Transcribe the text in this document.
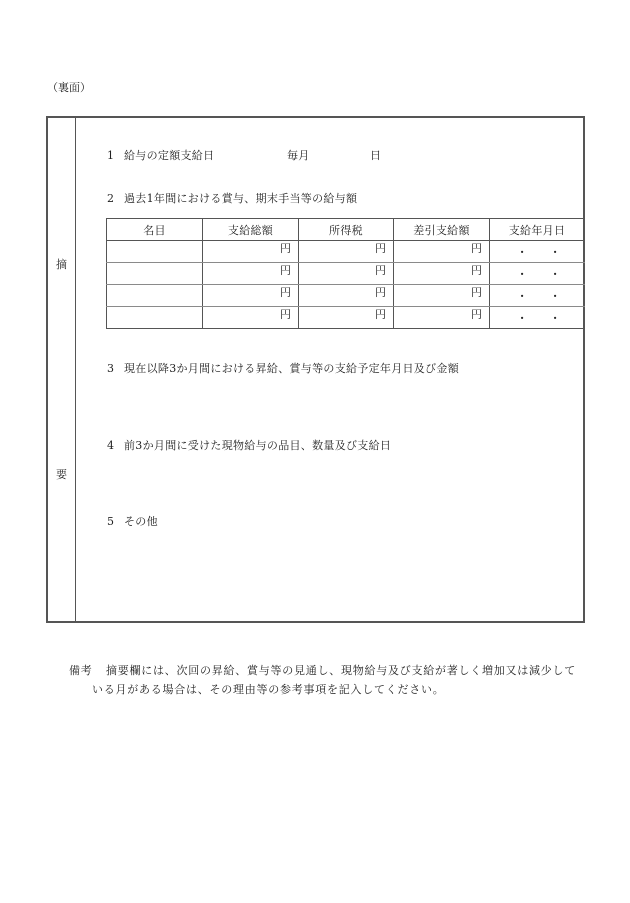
（裏面）
摘
要
1 給与の定額支給日	毎月	日
2 過去1年間における賞与、期末手当等の給与額
名目	支給総額	所得税	差引支給額	支給年月日
	円	円	円	. .

	円	円	円	. .

	円	円	円	. .

	円	円	円	. .
3 現在以降3か月間における昇給、賞与等の支給予定年月日及び金額
4 前3か月間に受けた現物給与の品目、数量及び支給日
5 その他
備考 摘要欄には、次回の昇給、賞与等の見通し、現物給与及び支給が著しく増加又は減少して
いる月がある場合は、その理由等の参考事項を記入してください。
